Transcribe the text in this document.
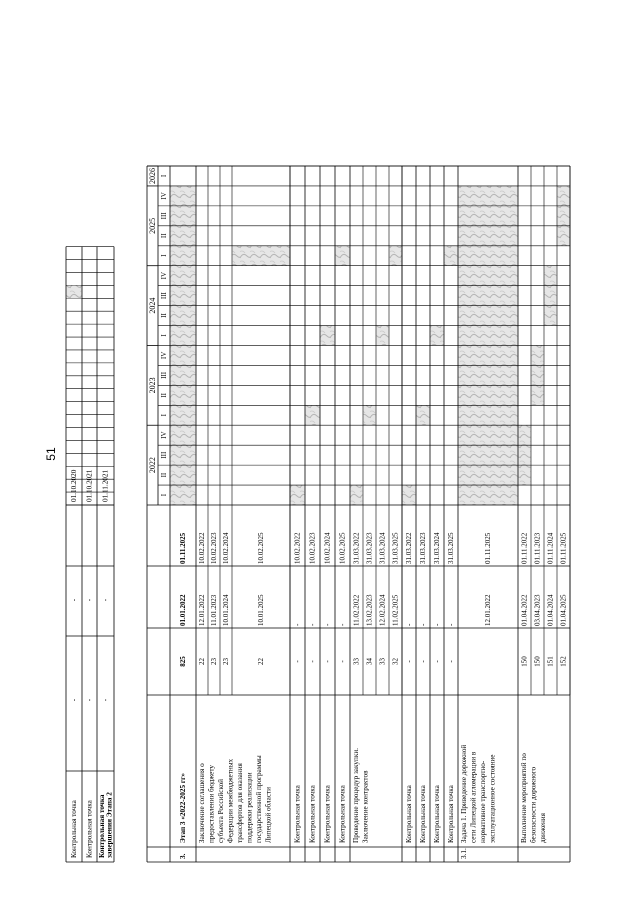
51
Контрольная точка
-
-
01.10.2020
Контрольная точка
-
-
01.10.2021
Контрольная точка завершения Этапа 2
-
-
01.11.2021
2022
2023
2024
2025
2026
I
II
III
IV
I
II
III
IV
I
II
III
IV
I
II
III
IV
I
Этап 3 «2022-2025 гг»
3.
825
01.01.2022
01.11.2025
22
12.01.2022
10.02.2022
23
11.01.2023
10.02.2023
23
10.01.2024
10.02.2024
22
10.01.2025
10.02.2025
Заключение соглашения о предоставлении бюджету субъекта Российской Федерации межбюджетных трансфертов для оказания поддержки реализации государственной программы Липецкой области	Контрольная точка
-
-
10.02.2022
Контрольная точка
-
-
10.02.2023
Контрольная точка
-
-
10.02.2024
Контрольная точка
-
-
10.02.2025
33
11.02.2022
31.03.2022
34
13.02.2023
31.03.2023
33
12.02.2024
31.03.2024
32
11.02.2025
31.03.2025
Проведение процедур закупки. Заключение контрактов	Контрольная точка
-
-
31.03.2022
Контрольная точка
-
-
31.03.2023
Контрольная точка
-
-
31.03.2024
Контрольная точка
-
-
31.03.2025
Задача 1. Приведение дорожной сети Липецкой агломерации в нормативное транспортно- эксплуатационное состояние
3.1.
12.01.2022
01.11.2025
150
01.04.2022
01.11.2022
150
03.04.2023
01.11.2023
151
01.04.2024
01.11.2024
152
01.04.2025
01.11.2025
Выполнение мероприятий по безопасности дорожного движения
